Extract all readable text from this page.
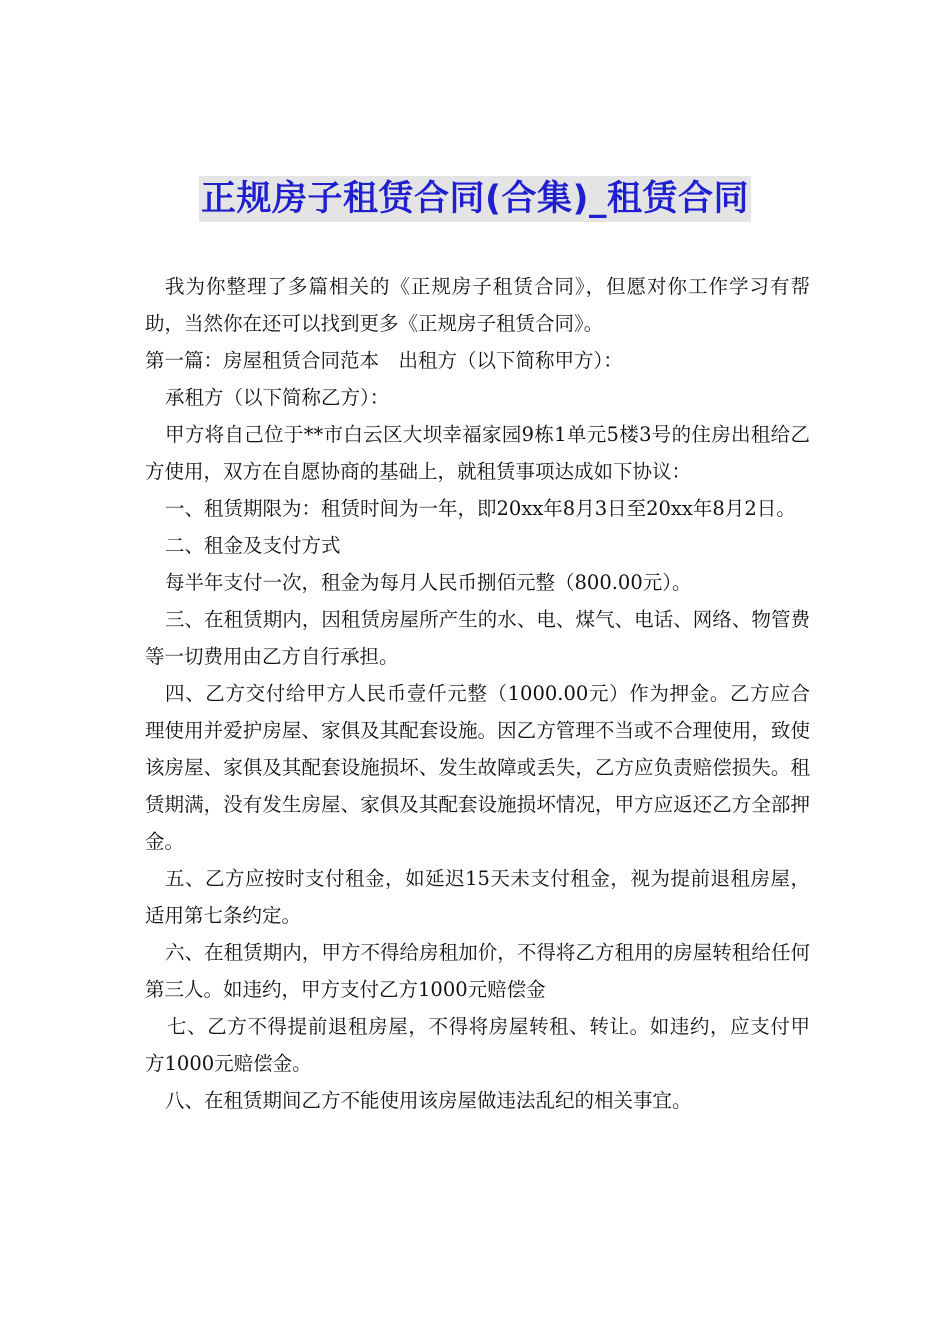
正规房子租赁合同(合集)_租赁合同

我为你整理了多篇相关的《正规房子租赁合同》，但愿对你工作学习有帮助，当然你在还可以找到更多《正规房子租赁合同》。

第一篇：房屋租赁合同范本　出租方（以下简称甲方）：

承租方（以下简称乙方）：

甲方将自己位于**市白云区大坝幸福家园9栋1单元5楼3号的住房出租给乙方使用，双方在自愿协商的基础上，就租赁事项达成如下协议：

一、租赁期限为：租赁时间为一年，即20xx年8月3日至20xx年8月2日。

二、租金及支付方式

每半年支付一次，租金为每月人民币捌佰元整（800.00元）。

三、在租赁期内，因租赁房屋所产生的水、电、煤气、电话、网络、物管费等一切费用由乙方自行承担。

四、乙方交付给甲方人民币壹仟元整（1000.00元）作为押金。乙方应合理使用并爱护房屋、家俱及其配套设施。因乙方管理不当或不合理使用，致使该房屋、家俱及其配套设施损坏、发生故障或丢失，乙方应负责赔偿损失。租赁期满，没有发生房屋、家俱及其配套设施损坏情况，甲方应返还乙方全部押金。

五、乙方应按时支付租金，如延迟15天未支付租金，视为提前退租房屋，适用第七条约定。

六、在租赁期内，甲方不得给房租加价，不得将乙方租用的房屋转租给任何第三人。如违约，甲方支付乙方1000元赔偿金

七、乙方不得提前退租房屋，不得将房屋转租、转让。如违约，应支付甲方1000元赔偿金。

八、在租赁期间乙方不能使用该房屋做违法乱纪的相关事宜。
